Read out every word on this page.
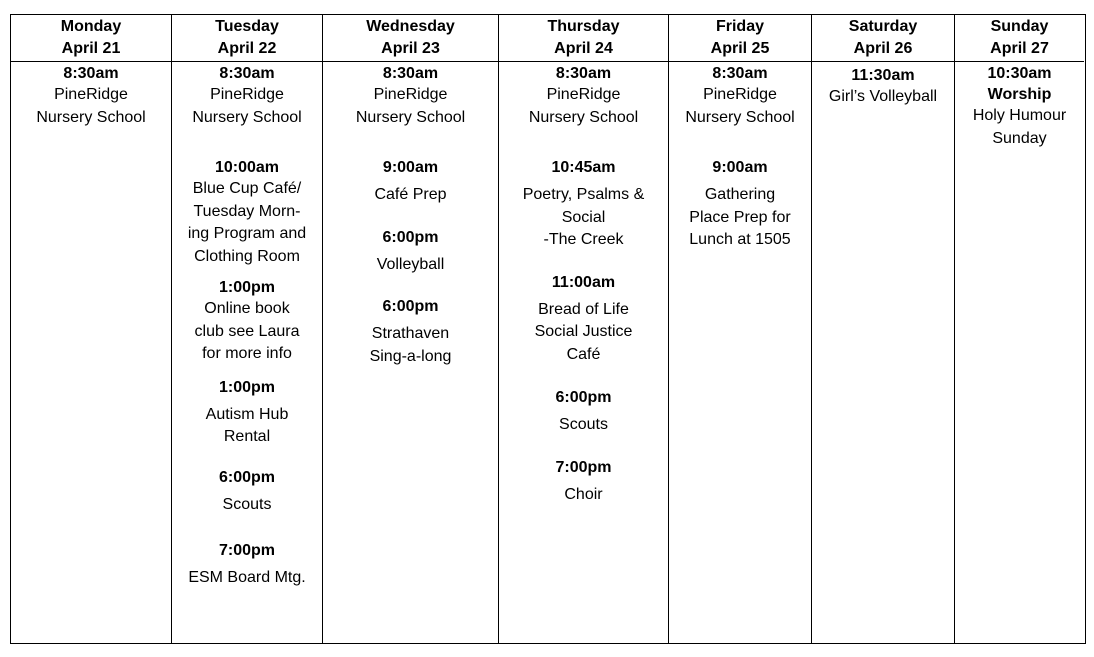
Monday
April 21
8:30am
PineRidge
Nursery School
Tuesday
April 22
8:30am
PineRidge
Nursery School
10:00am
Blue Cup Café/
Tuesday Morn-
ing Program and
Clothing Room
1:00pm
Online book
club see Laura
for more info
1:00pm
Autism Hub
Rental
6:00pm
Scouts
7:00pm
ESM Board Mtg.
Wednesday
April 23
8:30am
PineRidge
Nursery School
9:00am
Café Prep
6:00pm
Volleyball
6:00pm
Strathaven
Sing-a-long
Thursday
April 24
8:30am
PineRidge
Nursery School
10:45am
Poetry, Psalms &
Social
-The Creek
11:00am
Bread of Life
Social Justice
Café
6:00pm
Scouts
7:00pm
Choir
Friday
April 25
8:30am
PineRidge
Nursery School
9:00am
Gathering
Place Prep for
Lunch at 1505
Saturday
April 26
11:30am
Girl’s Volleyball
Sunday
April 27
10:30am
Worship
Holy Humour
Sunday
